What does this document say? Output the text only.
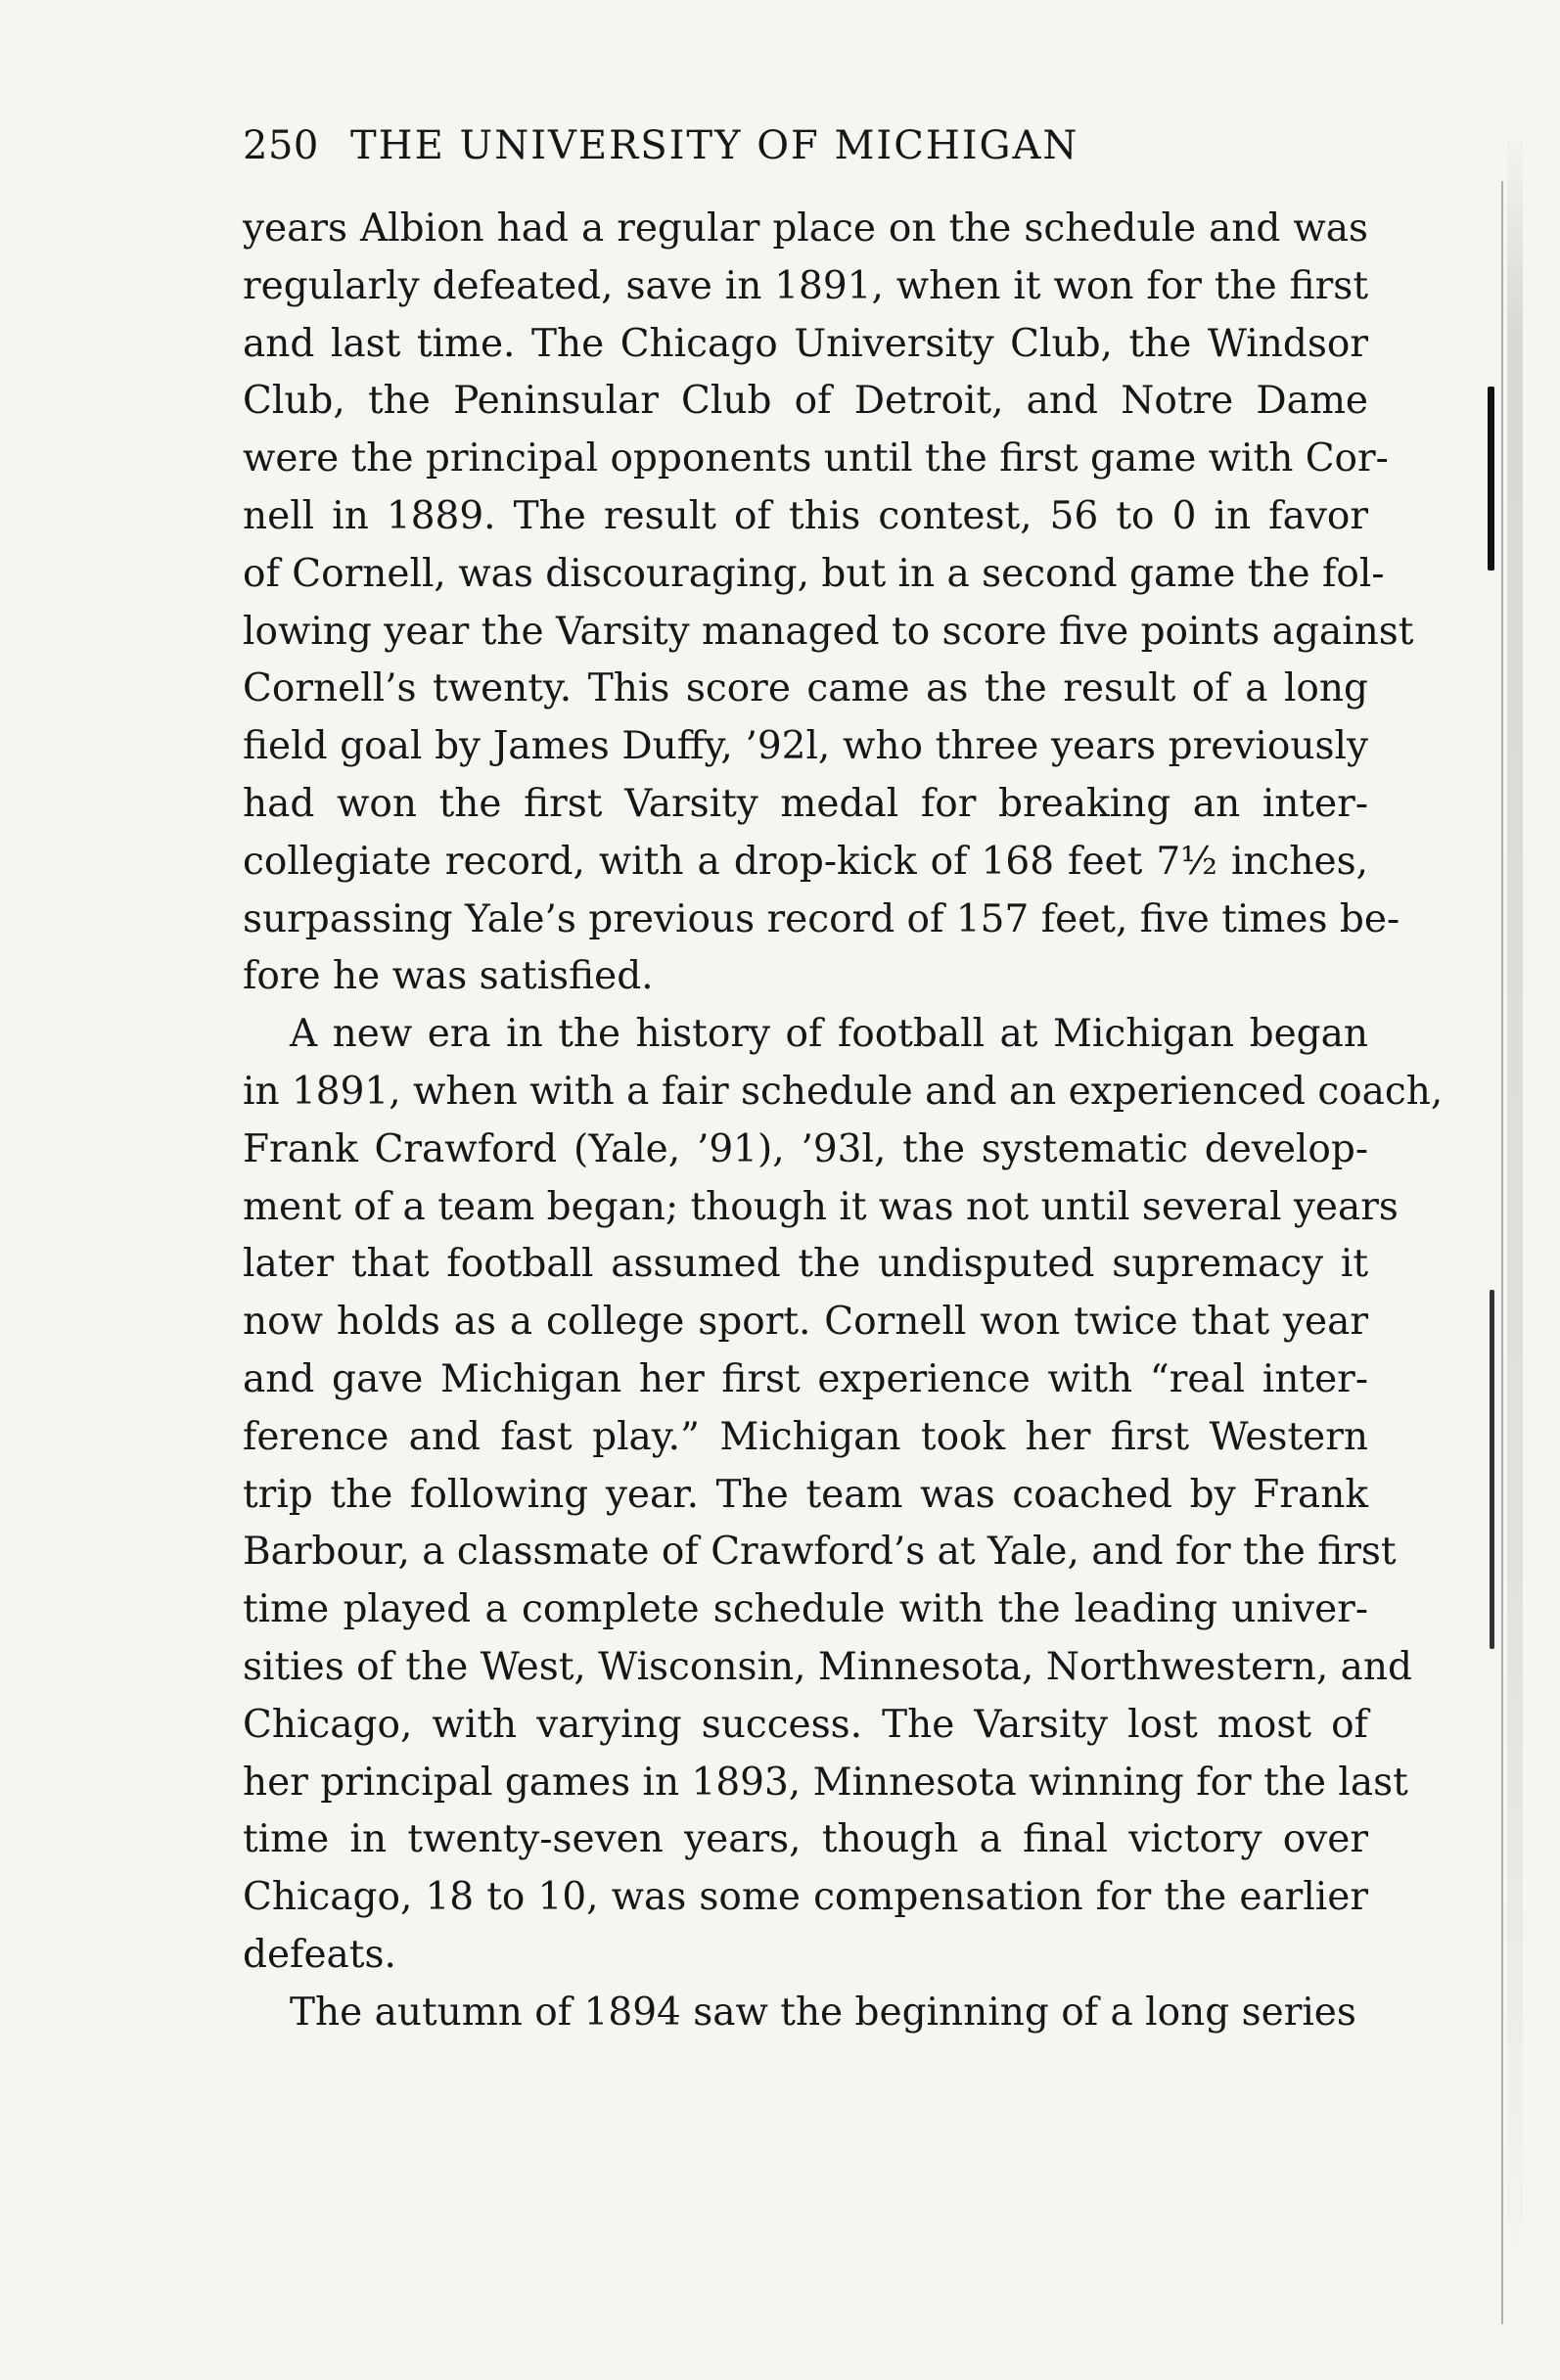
250 THE UNIVERSITY OF MICHIGAN
years Albion had a regular place on the schedule and was
regularly defeated, save in 1891, when it won for the first
and last time. The Chicago University Club, the Windsor
Club, the Peninsular Club of Detroit, and Notre Dame
were the principal opponents until the first game with Cor-
nell in 1889. The result of this contest, 56 to 0 in favor
of Cornell, was discouraging, but in a second game the fol-
lowing year the Varsity managed to score five points against
Cornell’s twenty. This score came as the result of a long
field goal by James Duffy, ’92l, who three years previously
had won the first Varsity medal for breaking an inter-
collegiate record, with a drop-kick of 168 feet 7½ inches,
surpassing Yale’s previous record of 157 feet, five times be-
fore he was satisfied.
A new era in the history of football at Michigan began
in 1891, when with a fair schedule and an experienced coach,
Frank Crawford (Yale, ’91), ’93l, the systematic develop-
ment of a team began; though it was not until several years
later that football assumed the undisputed supremacy it
now holds as a college sport. Cornell won twice that year
and gave Michigan her first experience with “real inter-
ference and fast play.” Michigan took her first Western
trip the following year. The team was coached by Frank
Barbour, a classmate of Crawford’s at Yale, and for the first
time played a complete schedule with the leading univer-
sities of the West, Wisconsin, Minnesota, Northwestern, and
Chicago, with varying success. The Varsity lost most of
her principal games in 1893, Minnesota winning for the last
time in twenty-seven years, though a final victory over
Chicago, 18 to 10, was some compensation for the earlier
defeats.
The autumn of 1894 saw the beginning of a long series
